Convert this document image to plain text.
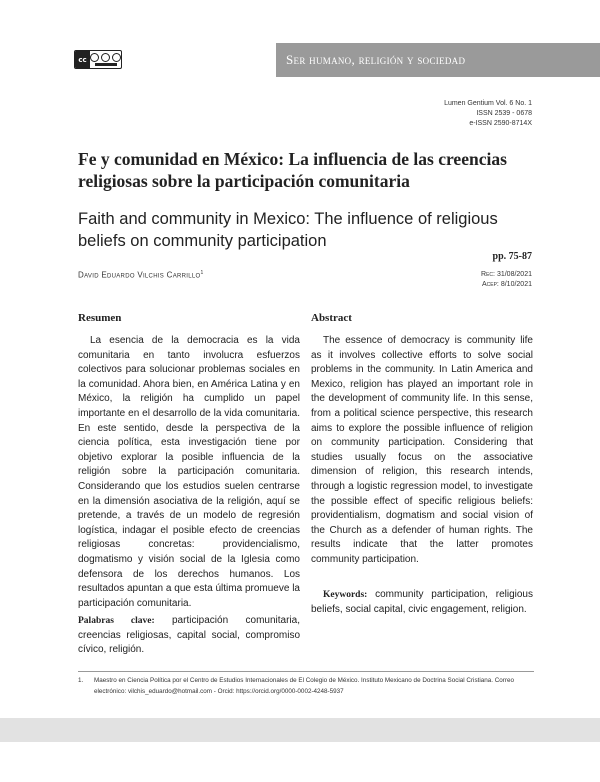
cc	Ser humano, religión y sociedad
Lumen Gentium Vol. 6 No. 1
ISSN 2539 - 0678
e-ISSN 2590-8714X
Fe y comunidad en México: La influencia de las creencias religiosas sobre la participación comunitaria
Faith and community in Mexico: The influence of religious beliefs on community participation
pp. 75-87
David Eduardo Vilchis Carrillo$^1$	Rec: 31/08/2021
Acep: 8/10/2021
Resumen

La esencia de la democracia es la vida comunitaria en tanto involucra esfuerzos colectivos para solucionar problemas sociales en la comunidad. Ahora bien, en América Latina y en México, la religión ha cumplido un papel importante en el desarrollo de la vida comunitaria. En este sentido, desde la perspectiva de la ciencia política, esta investigación tiene por objetivo explorar la posible influencia de la religión sobre la participación comunitaria. Considerando que los estudios suelen centrarse en la dimensión asociativa de la religión, aquí se pretende, a través de un modelo de regresión logística, indagar el posible efecto de creencias religiosas concretas: providencialismo, dogmatismo y visión social de la Iglesia como defensora de los derechos humanos. Los resultados apuntan a que esta última promueve la participación comunitaria.

Abstract

The essence of democracy is community life as it involves collective efforts to solve social problems in the community. In Latin America and Mexico, religion has played an important role in the development of community life. In this sense, from a political science perspective, this research aims to explore the possible influence of religion on community participation. Considering that studies usually focus on the associative dimension of religion, this research intends, through a logistic regression model, to investigate the possible effect of specific religious beliefs: providentialism, dogmatism and social vision of the Church as a defender of human rights. The results indicate that the latter promotes community participation.

Palabras clave: participación comunitaria, creencias religiosas, capital social, compromiso cívico, religión.
Keywords: community participation, religious beliefs, social capital, civic engagement, religion.
1. Maestro en Ciencia Política por el Centro de Estudios Internacionales de El Colegio de México. Instituto Mexicano de Doctrina Social Cristiana. Correo electrónico: vilchis_eduardo@hotmail.com - Orcid: https://orcid.org/0000-0002-4248-5937
